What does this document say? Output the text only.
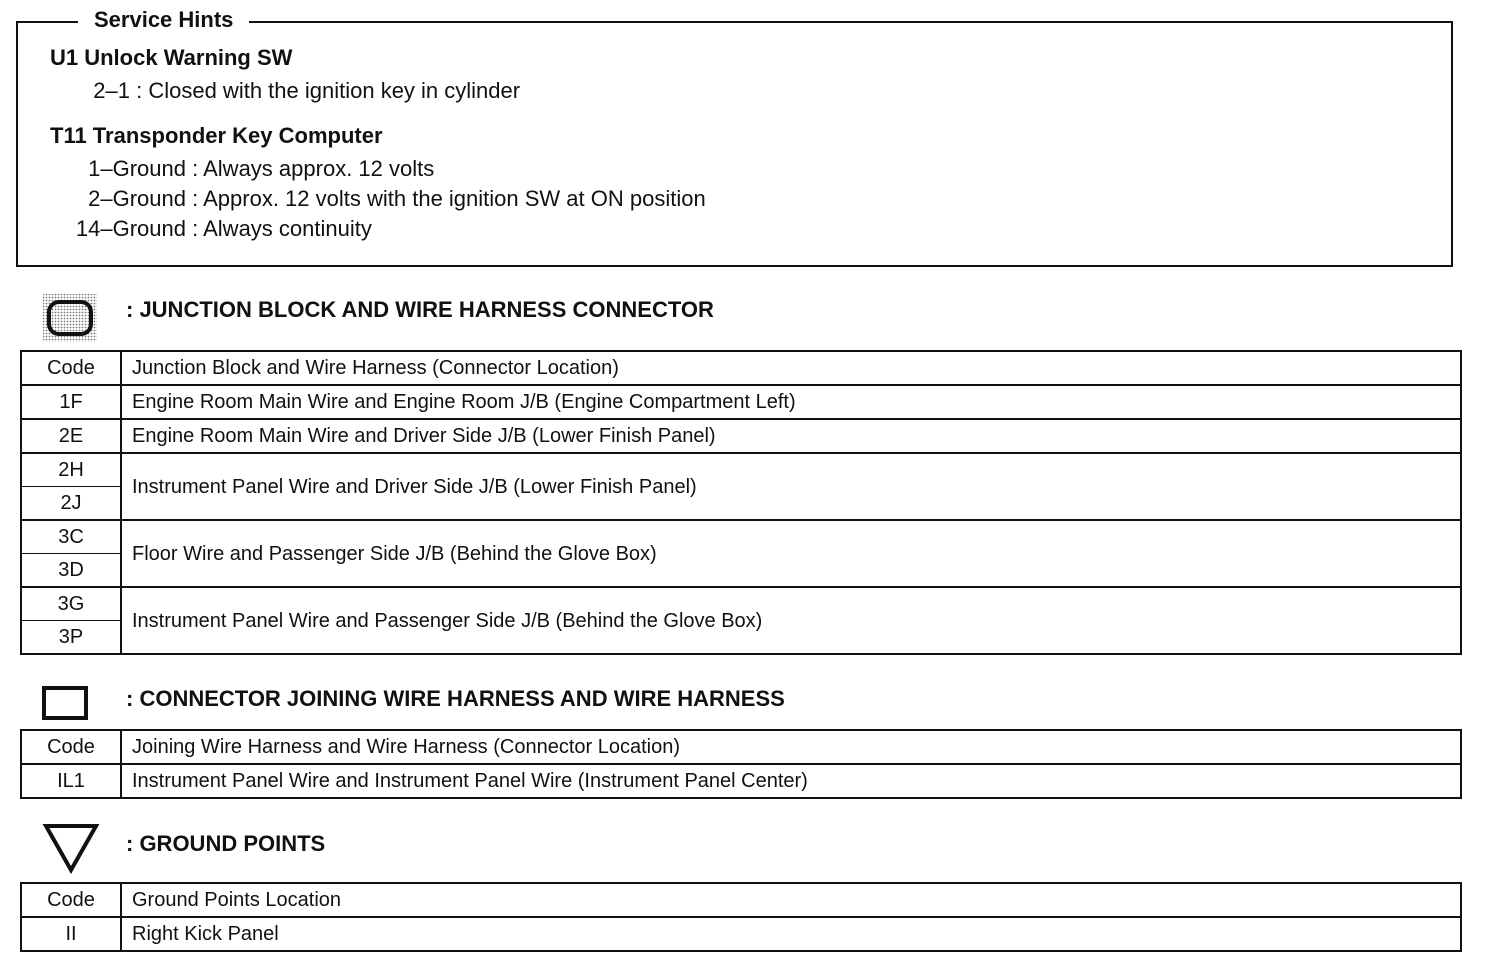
Service Hints
U1 Unlock Warning SW
2–1 : Closed with the ignition key in cylinder
T11 Transponder Key Computer
1–Ground : Always approx. 12 volts
2–Ground : Approx. 12 volts with the ignition SW at ON position
14–Ground : Always continuity
: JUNCTION BLOCK AND WIRE HARNESS CONNECTOR
Code	Junction Block and Wire Harness (Connector Location)
1F	Engine Room Main Wire and Engine Room J/B (Engine Compartment Left)
2E	Engine Room Main Wire and Driver Side J/B (Lower Finish Panel)
2H	Instrument Panel Wire and Driver Side J/B (Lower Finish Panel)
2J	
3C	Floor Wire and Passenger Side J/B (Behind the Glove Box)
3D	
3G	Instrument Panel Wire and Passenger Side J/B (Behind the Glove Box)
3P	
: CONNECTOR JOINING WIRE HARNESS AND WIRE HARNESS
Code	Joining Wire Harness and Wire Harness (Connector Location)
IL1	Instrument Panel Wire and Instrument Panel Wire (Instrument Panel Center)
: GROUND POINTS
Code	Ground Points Location
II	Right Kick Panel
